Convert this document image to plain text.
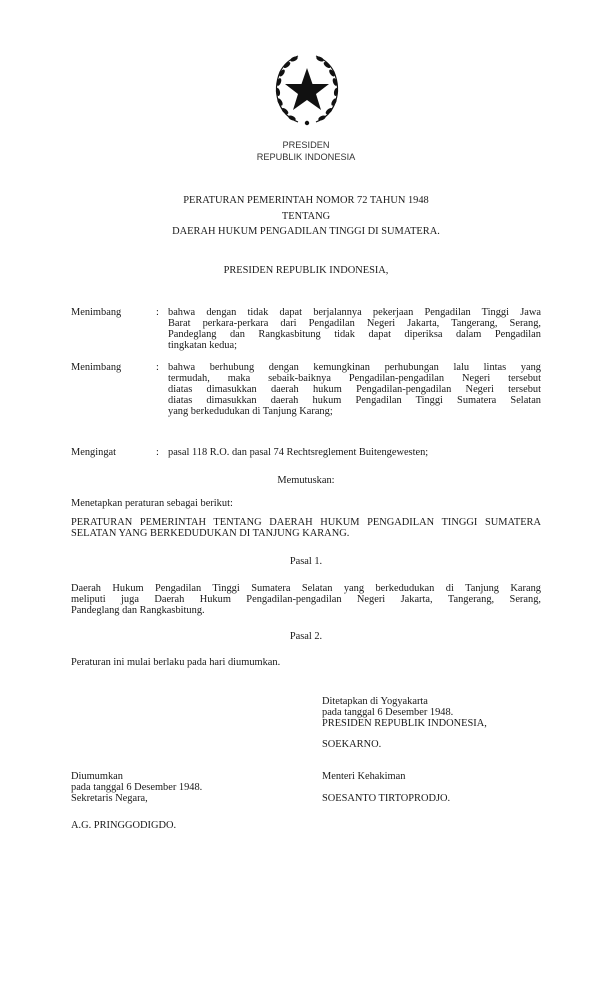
PRESIDEN
REPUBLIK INDONESIA
PERATURAN PEMERINTAH NOMOR 72 TAHUN 1948
TENTANG
DAERAH HUKUM PENGADILAN TINGGI DI SUMATERA.
PRESIDEN REPUBLIK INDONESIA,
Menimbang	: bahwa dengan tidak dapat berjalannya pekerjaan Pengadilan Tinggi Jawa
Barat perkara-perkara dari Pengadilan Negeri Jakarta, Tangerang, Serang,
Pandeglang dan Rangkasbitung tidak dapat diperiksa dalam Pengadilan
tingkatan kedua;
Menimbang	: bahwa berhubung dengan kemungkinan perhubungan lalu lintas yang
termudah, maka sebaik-baiknya Pengadilan-pengadilan Negeri tersebut
diatas dimasukkan daerah hukum Pengadilan-pengadilan Negeri tersebut
diatas dimasukkan daerah hukum Pengadilan Tinggi Sumatera Selatan
yang berkedudukan di Tanjung Karang;
Mengingat	: pasal 118 R.O. dan pasal 74 Rechtsreglement Buitengewesten;
Memutuskan:
Menetapkan peraturan sebagai berikut:
PERATURAN PEMERINTAH TENTANG DAERAH HUKUM PENGADILAN TINGGI SUMATERA
SELATAN YANG BERKEDUDUKAN DI TANJUNG KARANG.
Pasal 1.
Daerah Hukum Pengadilan Tinggi Sumatera Selatan yang berkedudukan di Tanjung Karang
meliputi juga Daerah Hukum Pengadilan-pengadilan Negeri Jakarta, Tangerang, Serang,
Pandeglang dan Rangkasbitung.
Pasal 2.
Peraturan ini mulai berlaku pada hari diumumkan.
Ditetapkan di Yogyakarta
pada tanggal 6 Desember 1948.
PRESIDEN REPUBLIK INDONESIA,
SOEKARNO.
Menteri Kehakiman
SOESANTO TIRTOPRODJO.
Diumumkan
pada tanggal 6 Desember 1948.
Sekretaris Negara,
A.G. PRINGGODIGDO.
